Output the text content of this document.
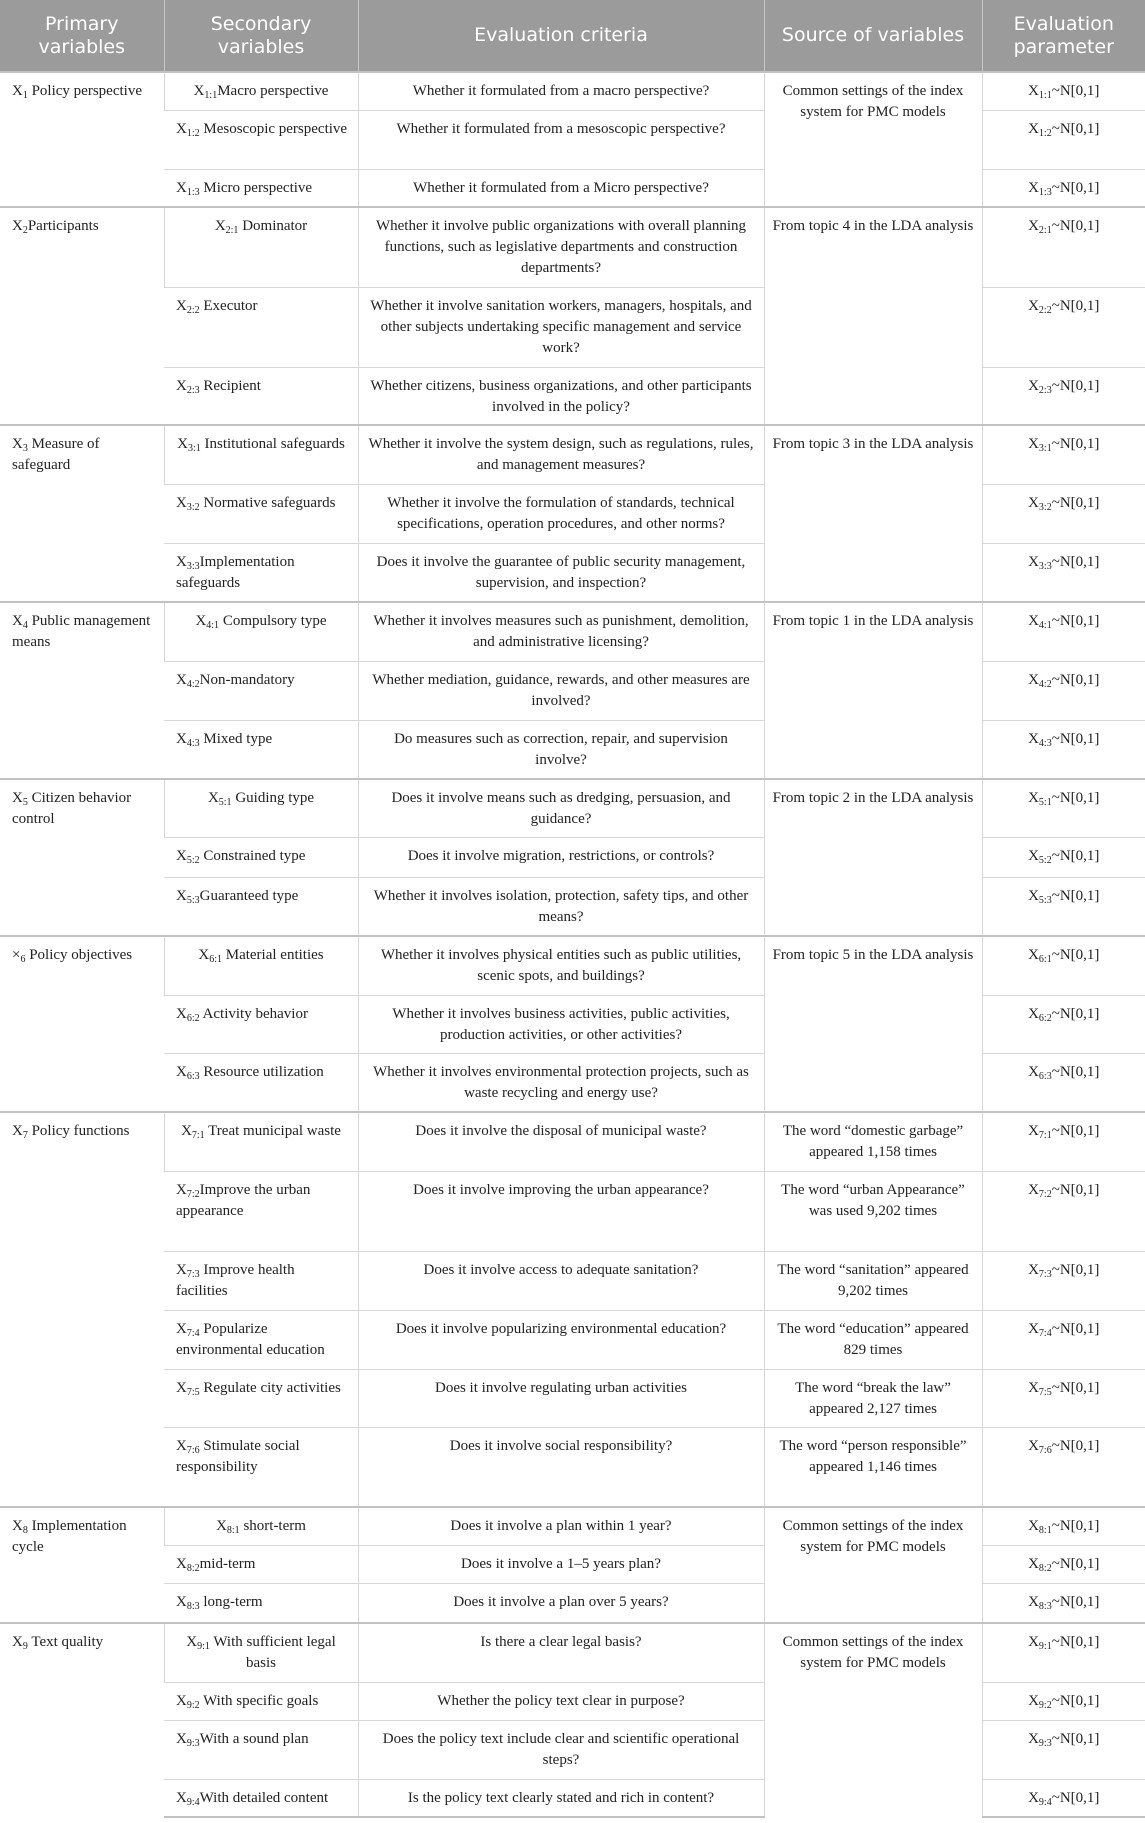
Primary variables	Secondary variables	Evaluation criteria	Source of variables	Evaluation parameter
$X_1$ Policy perspective	$X_{1:1}Macro$ perspective	Whether it formulated from a macro perspective?	Common settings of the index system for PMC models	$X_{1:1}\sim N[0,1]$
	$X_{1:2}$ Mesoscopic perspective	Whether it formulated from a mesoscopic perspective?		$X_{1:2}\sim N[0,1]$
	$X_{1:3}$ Micro perspective	Whether it formulated from a Micro perspective?		$X_{1:3}\sim N[0,1]$
$X_2Participants$	$X_{2:1}$ Dominator	Whether it involve public organizations with overall planning functions, such as legislative departments and construction departments?	From topic 4 in the LDA analysis	$X_{2:1}\sim N[0,1]$
	$X_{2:2}$ Executor	Whether it involve sanitation workers, managers, hospitals, and other subjects undertaking specific management and service work?		$X_{2:2}\sim N[0,1]$
	$X_{2:3}$ Recipient	Whether citizens, business organizations, and other participants involved in the policy?		$X_{2:3}\sim N[0,1]$
$X_3$ Measure of safeguard	$X_{3:1}$ Institutional safeguards	Whether it involve the system design, such as regulations, rules, and management measures?	From topic 3 in the LDA analysis	$X_{3:1}\sim N[0,1]$
	$X_{3:2}$ Normative safeguards	Whether it involve the formulation of standards, technical specifications, operation procedures, and other norms?		$X_{3:2}\sim N[0,1]$
	$X_{3:3}Implementation$ safeguards	Does it involve the guarantee of public security management, supervision, and inspection?		$X_{3:3}\sim N[0,1]$
$X_4$ Public management means	$X_{4:1}$ Compulsory type	Whether it involves measures such as punishment, demolition, and administrative licensing?	From topic 1 in the LDA analysis	$X_{4:1}\sim N[0,1]$
	$X_{4:2}Non$-mandatory	Whether mediation, guidance, rewards, and other measures are involved?		$X_{4:2}\sim N[0,1]$
	$X_{4:3}$ Mixed type	Do measures such as correction, repair, and supervision involve?		$X_{4:3}\sim N[0,1]$
$X_5$ Citizen behavior control	$X_{5:1}$ Guiding type	Does it involve means such as dredging, persuasion, and guidance?	From topic 2 in the LDA analysis	$X_{5:1}\sim N[0,1]$
	$X_{5:2}$ Constrained type	Does it involve migration, restrictions, or controls?		$X_{5:2}\sim N[0,1]$
	$X_{5:3}Guaranteed$ type	Whether it involves isolation, protection, safety tips, and other means?		$X_{5:3}\sim N[0,1]$
$\times_6$ Policy objectives	$X_{6:1}$ Material entities	Whether it involves physical entities such as public utilities, scenic spots, and buildings?	From topic 5 in the LDA analysis	$X_{6:1}\sim N[0,1]$
	$X_{6:2}$ Activity behavior	Whether it involves business activities, public activities, production activities, or other activities?		$X_{6:2}\sim N[0,1]$
	$X_{6:3}$ Resource utilization	Whether it involves environmental protection projects, such as waste recycling and energy use?		$X_{6:3}\sim N[0,1]$
$X_7$ Policy functions	$X_{7:1}$ Treat municipal waste	Does it involve the disposal of municipal waste?	The word “domestic garbage” appeared 1,158 times	$X_{7:1}\sim N[0,1]$
	$X_{7:2}Improve$ the urban appearance	Does it involve improving the urban appearance?	The word “urban Appearance” was used 9,202 times	$X_{7:2}\sim N[0,1]$
	$X_{7:3}$ Improve health facilities	Does it involve access to adequate sanitation?	The word “sanitation” appeared 9,202 times	$X_{7:3}\sim N[0,1]$
	$X_{7:4}$ Popularize environmental education	Does it involve popularizing environmental education?	The word “education” appeared 829 times	$X_{7:4}\sim N[0,1]$
	$X_{7:5}$ Regulate city activities	Does it involve regulating urban activities	The word “break the law” appeared 2,127 times	$X_{7:5}\sim N[0,1]$
	$X_{7:6}$ Stimulate social responsibility	Does it involve social responsibility?	The word “person responsible” appeared 1,146 times	$X_{7:6}\sim N[0,1]$
$X_8$ Implementation cycle	$X_{8:1}$ short-term	Does it involve a plan within 1 year?	Common settings of the index system for PMC models	$X_{8:1}\sim N[0,1]$
	$X_{8:2}mid$-term	Does it involve a 1–5 years plan?		$X_{8:2}\sim N[0,1]$
	$X_{8:3}$ long-term	Does it involve a plan over 5 years?		$X_{8:3}\sim N[0,1]$
$X_9$ Text quality	$X_{9:1}$ With sufficient legal basis	Is there a clear legal basis?	Common settings of the index system for PMC models	$X_{9:1}\sim N[0,1]$
	$X_{9:2}$ With specific goals	Whether the policy text clear in purpose?		$X_{9:2}\sim N[0,1]$
	$X_{9:3}With$ a sound plan	Does the policy text include clear and scientific operational steps?		$X_{9:3}\sim N[0,1]$
	$X_{9:4}With$ detailed content	Is the policy text clearly stated and rich in content?		$X_{9:4}\sim N[0,1]$
